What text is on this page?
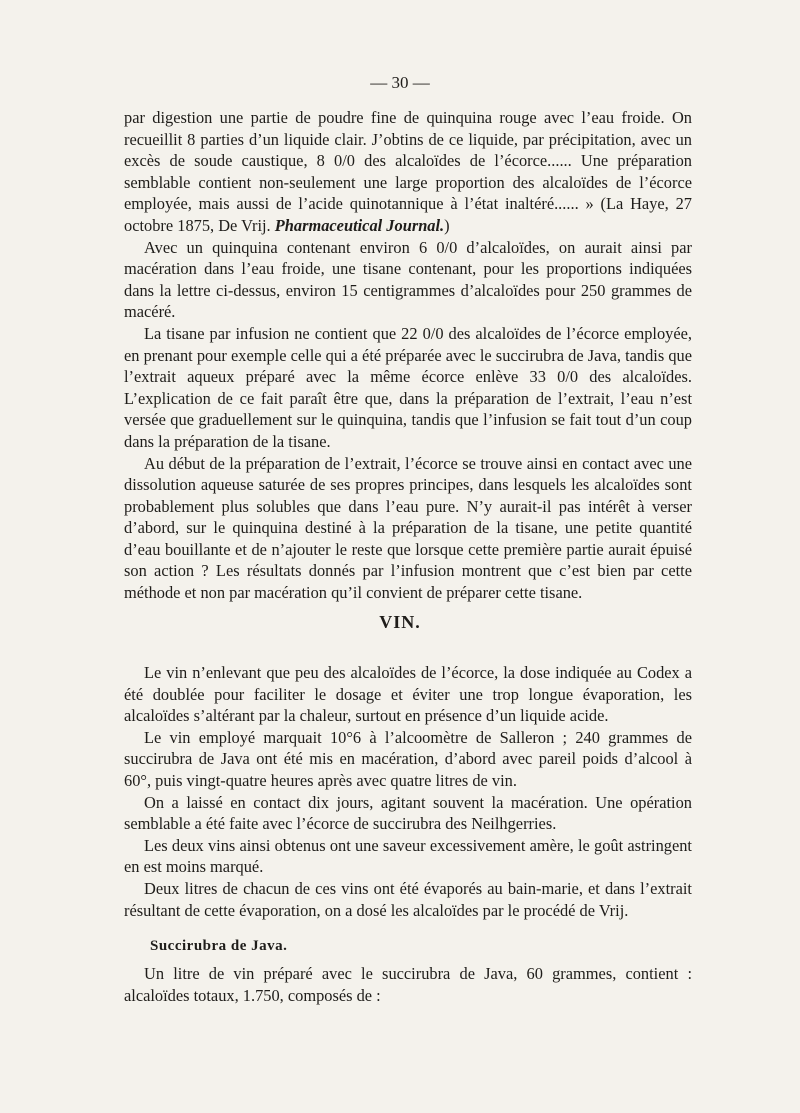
— 30 —

par digestion une partie de poudre fine de quinquina rouge avec l’eau froide. On recueillit 8 parties d’un liquide clair. J’obtins de ce liquide, par précipitation, avec un excès de soude caustique, 8 0/0 des alcaloïdes de l’écorce...... Une préparation semblable contient non-seulement une large proportion des alcaloïdes de l’écorce employée, mais aussi de l’acide quinotannique à l’état inaltéré...... » (La Haye, 27 octobre 1875, De Vrij. Pharmaceutical Journal.)

Avec un quinquina contenant environ 6 0/0 d’alcaloïdes, on aurait ainsi par macération dans l’eau froide, une tisane contenant, pour les proportions indiquées dans la lettre ci-dessus, environ 15 centigrammes d’alcaloïdes pour 250 grammes de macéré.

La tisane par infusion ne contient que 22 0/0 des alcaloïdes de l’écorce employée, en prenant pour exemple celle qui a été préparée avec le succirubra de Java, tandis que l’extrait aqueux préparé avec la même écorce enlève 33 0/0 des alcaloïdes. L’explication de ce fait paraît être que, dans la préparation de l’extrait, l’eau n’est versée que graduellement sur le quinquina, tandis que l’infusion se fait tout d’un coup dans la préparation de la tisane.

Au début de la préparation de l’extrait, l’écorce se trouve ainsi en contact avec une dissolution aqueuse saturée de ses propres principes, dans lesquels les alcaloïdes sont probablement plus solubles que dans l’eau pure. N’y aurait-il pas intérêt à verser d’abord, sur le quinquina destiné à la préparation de la tisane, une petite quantité d’eau bouillante et de n’ajouter le reste que lorsque cette première partie aurait épuisé son action ? Les résultats donnés par l’infusion montrent que c’est bien par cette méthode et non par macération qu’il convient de préparer cette tisane.

VIN.

Le vin n’enlevant que peu des alcaloïdes de l’écorce, la dose indiquée au Codex a été doublée pour faciliter le dosage et éviter une trop longue évaporation, les alcaloïdes s’altérant par la chaleur, surtout en présence d’un liquide acide.

Le vin employé marquait 10°6 à l’alcoomètre de Salleron ; 240 grammes de succirubra de Java ont été mis en macération, d’abord avec pareil poids d’alcool à 60°, puis vingt-quatre heures après avec quatre litres de vin.

On a laissé en contact dix jours, agitant souvent la macération. Une opération semblable a été faite avec l’écorce de succirubra des Neilhgerries.

Les deux vins ainsi obtenus ont une saveur excessivement amère, le goût astringent en est moins marqué.

Deux litres de chacun de ces vins ont été évaporés au bain-marie, et dans l’extrait résultant de cette évaporation, on a dosé les alcaloïdes par le procédé de Vrij.

Succirubra de Java.

Un litre de vin préparé avec le succirubra de Java, 60 grammes, contient : alcaloïdes totaux, 1.750, composés de :
